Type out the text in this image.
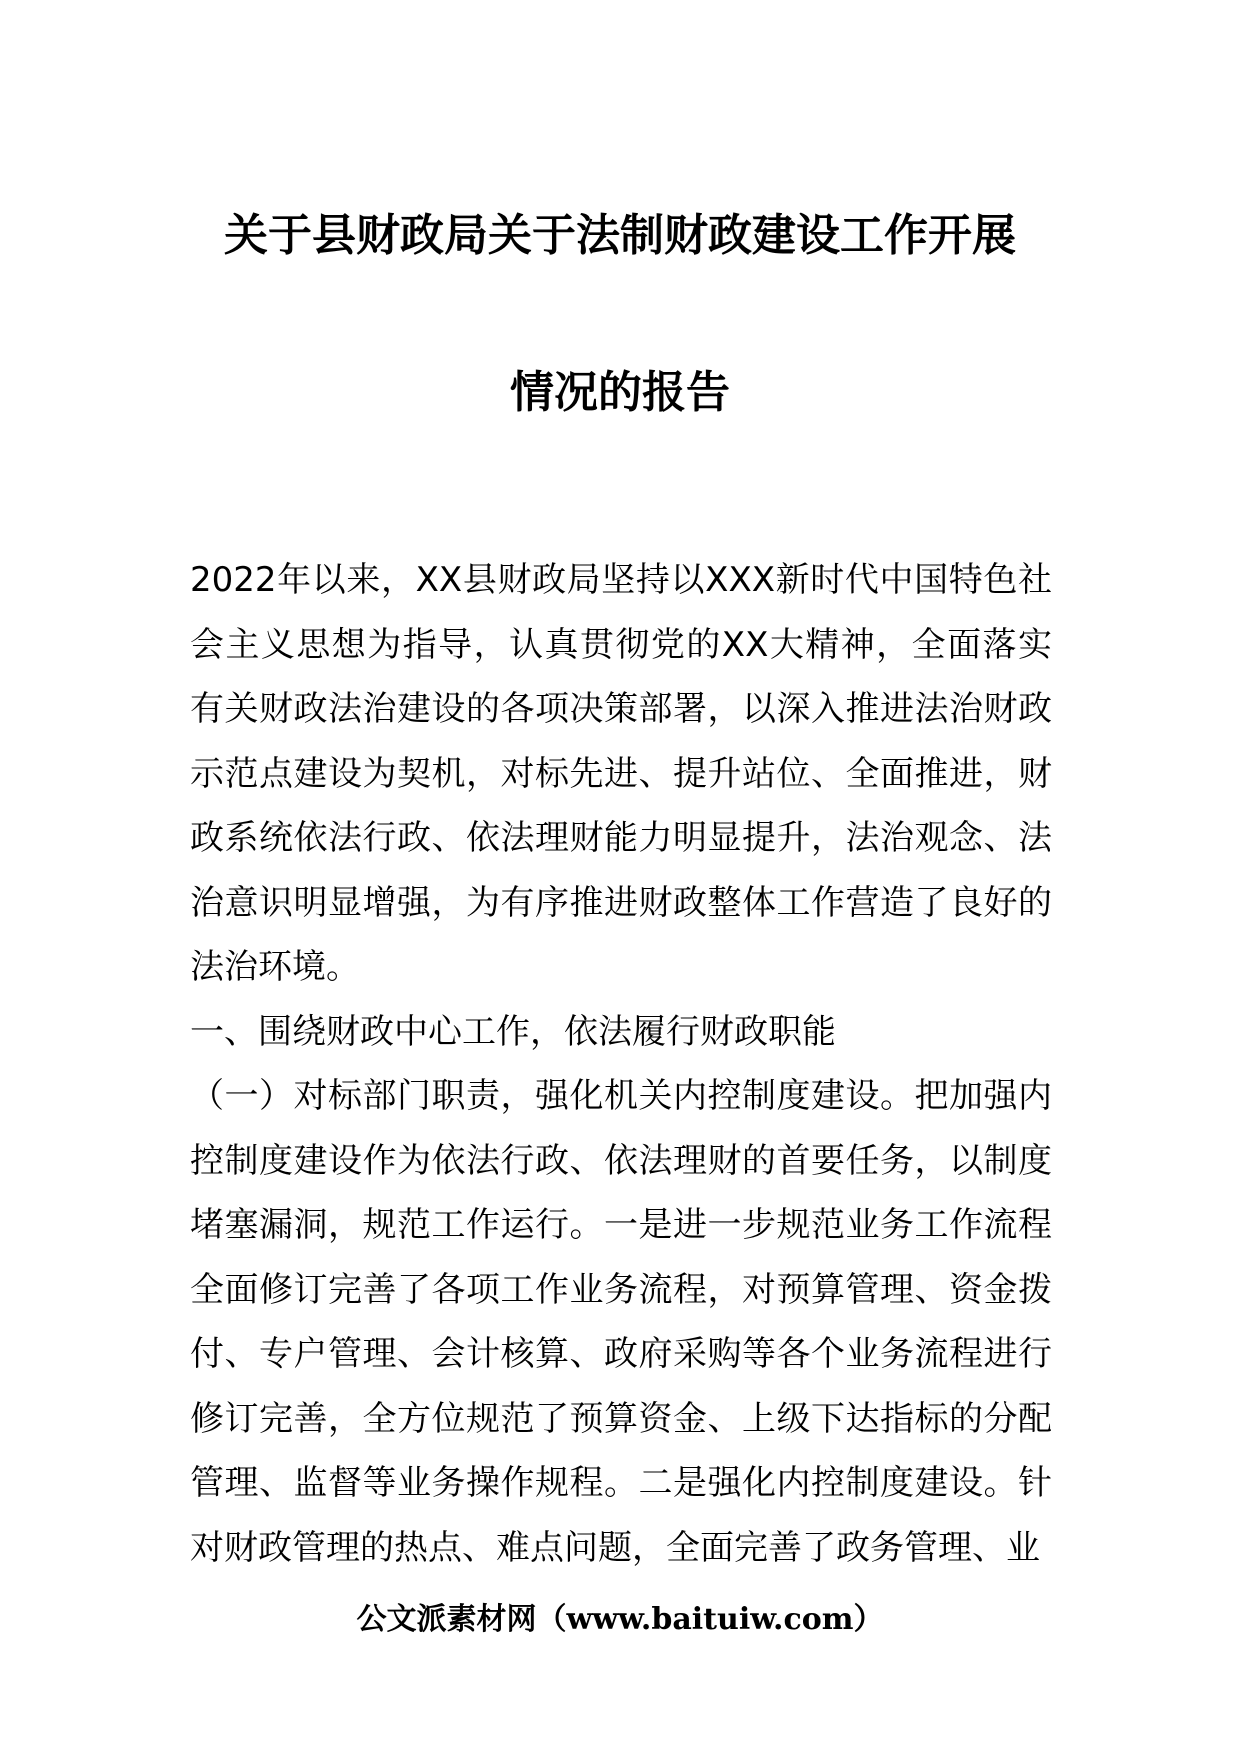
关于县财政局关于法制财政建设工作开展
情况的报告

2022年以来，XX县财政局坚持以XXX新时代中国特色社会主义思想为指导，认真贯彻党的XX大精神，全面落实有关财政法治建设的各项决策部署，以深入推进法治财政示范点建设为契机，对标先进、提升站位、全面推进，财政系统依法行政、依法理财能力明显提升，法治观念、法治意识明显增强，为有序推进财政整体工作营造了良好的法治环境。

一、围绕财政中心工作，依法履行财政职能

（一）对标部门职责，强化机关内控制度建设。把加强内控制度建设作为依法行政、依法理财的首要任务，以制度堵塞漏洞，规范工作运行。一是进一步规范业务工作流程全面修订完善了各项工作业务流程，对预算管理、资金拨付、专户管理、会计核算、政府采购等各个业务流程进行修订完善，全方位规范了预算资金、上级下达指标的分配管理、监督等业务操作规程。二是强化内控制度建设。针对财政管理的热点、难点问题，全面完善了政务管理、业

公文派素材网（www.baituiw.com）
